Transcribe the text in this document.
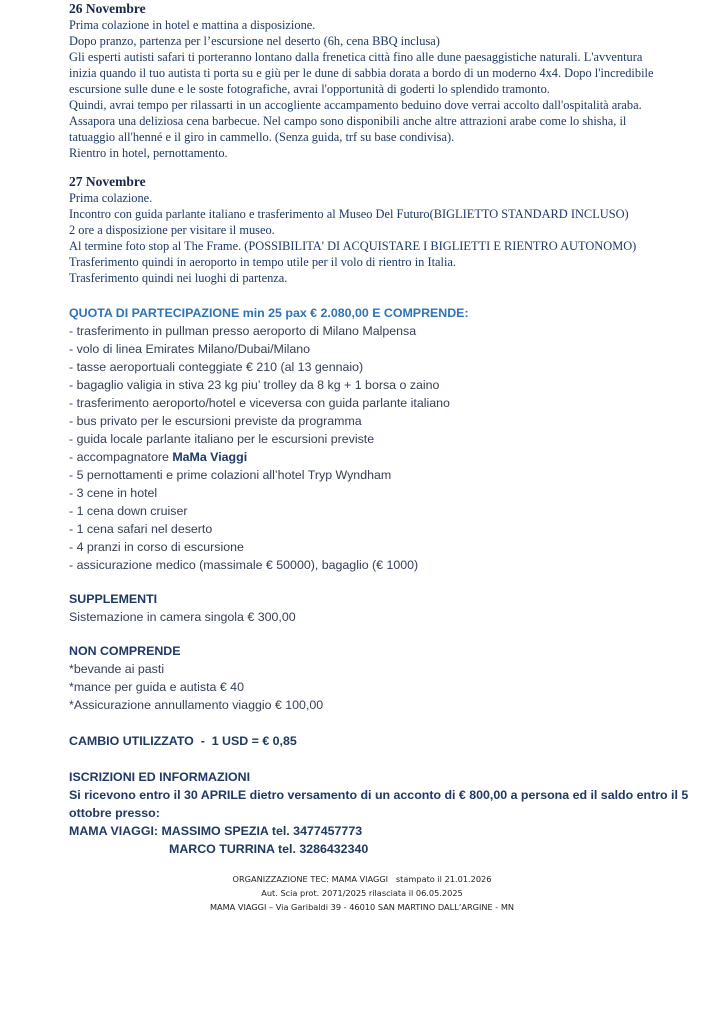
26 Novembre
Prima colazione in hotel e mattina a disposizione.
Dopo pranzo, partenza per l’escursione nel deserto (6h, cena BBQ inclusa)
Gli esperti autisti safari ti porteranno lontano dalla frenetica città fino alle dune paesaggistiche naturali. L'avventura inizia quando il tuo autista ti porta su e giù per le dune di sabbia dorata a bordo di un moderno 4x4. Dopo l'incredibile escursione sulle dune e le soste fotografiche, avrai l'opportunità di goderti lo splendido tramonto.
Quindi, avrai tempo per rilassarti in un accogliente accampamento beduino dove verrai accolto dall'ospitalità araba. Assapora una deliziosa cena barbecue. Nel campo sono disponibili anche altre attrazioni arabe come lo shisha, il tatuaggio all'henné e il giro in cammello. (Senza guida, trf su base condivisa).
Rientro in hotel, pernottamento.
27 Novembre
Prima colazione.
Incontro con guida parlante italiano e trasferimento al Museo Del Futuro(BIGLIETTO STANDARD INCLUSO)
2 ore a disposizione per visitare il museo.
Al termine foto stop al The Frame. (POSSIBILITA' DI ACQUISTARE I BIGLIETTI E RIENTRO AUTONOMO)
Trasferimento quindi in aeroporto in tempo utile per il volo di rientro in Italia.
Trasferimento quindi nei luoghi di partenza.
QUOTA DI PARTECIPAZIONE min 25 pax € 2.080,00 E COMPRENDE:
- trasferimento in pullman presso aeroporto di Milano Malpensa
- volo di linea Emirates Milano/Dubai/Milano
- tasse aeroportuali conteggiate € 210 (al 13 gennaio)
- bagaglio valigia in stiva 23 kg piu’ trolley da 8 kg + 1 borsa o zaino
- trasferimento aeroporto/hotel e viceversa con guida parlante italiano
- bus privato per le escursioni previste da programma
- guida locale parlante italiano per le escursioni previste
- accompagnatore MaMa Viaggi
- 5 pernottamenti e prime colazioni all’hotel Tryp Wyndham
- 3 cene in hotel
- 1 cena down cruiser
- 1 cena safari nel deserto
- 4 pranzi in corso di escursione
- assicurazione medico (massimale € 50000), bagaglio (€ 1000)
SUPPLEMENTI
Sistemazione in camera singola € 300,00
NON COMPRENDE
*bevande ai pasti
*mance per guida e autista € 40
*Assicurazione annullamento viaggio € 100,00
CAMBIO UTILIZZATO  -  1 USD = € 0,85
ISCRIZIONI ED INFORMAZIONI
Si ricevono entro il 30 APRILE dietro versamento di un acconto di € 800,00 a persona ed il saldo entro il 5 ottobre presso:
MAMA VIAGGI: MASSIMO SPEZIA tel. 3477457773
MARCO TURRINA tel. 3286432340
ORGANIZZAZIONE TEC: MAMA VIAGGI   stampato il 21.01.2026
Aut. Scia prot. 2071/2025 rilasciata il 06.05.2025
MAMA VIAGGI – Via Garibaldi 39 - 46010 SAN MARTINO DALL’ARGINE - MN
